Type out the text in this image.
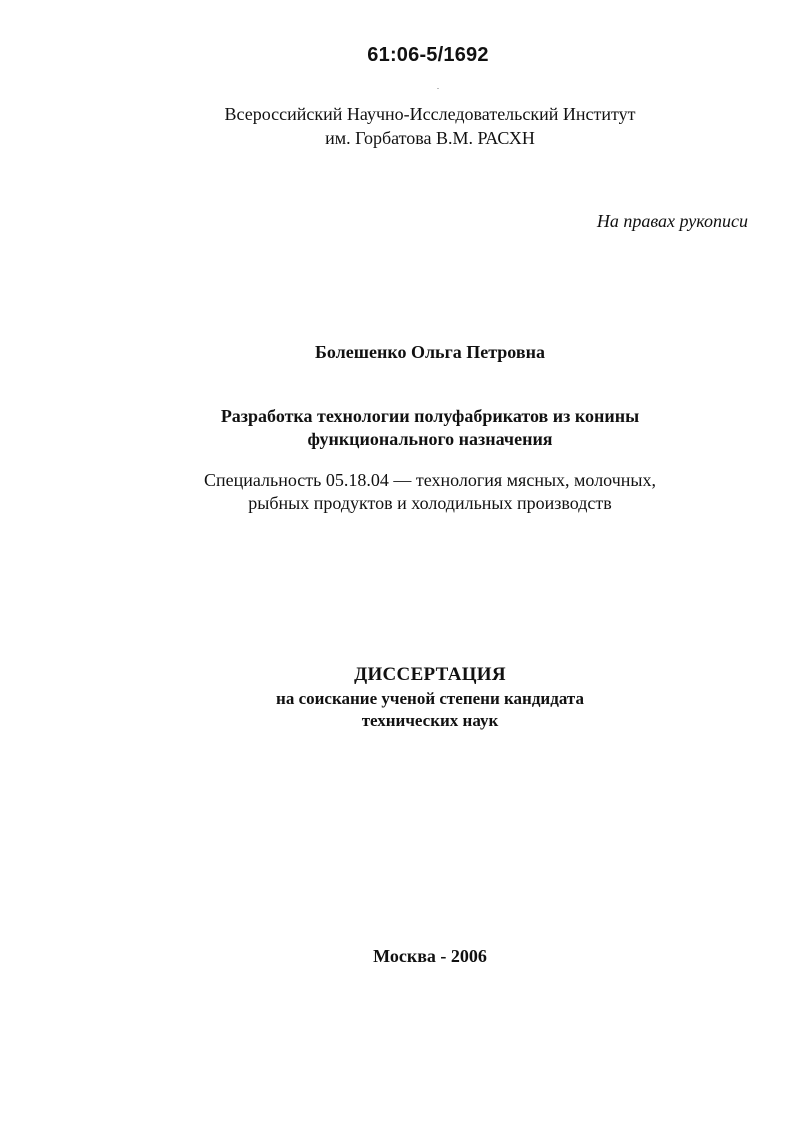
61:06-5/1692
Всероссийский Научно-Исследовательский Институт
им. Горбатова В.М. РАСХН
На правах рукописи
Болешенко Ольга Петровна
Разработка технологии полуфабрикатов из конины
функционального назначения
Специальность 05.18.04 — технология мясных, молочных,
рыбных продуктов и холодильных производств
ДИССЕРТАЦИЯ
на соискание ученой степени кандидата
технических наук
Москва - 2006
